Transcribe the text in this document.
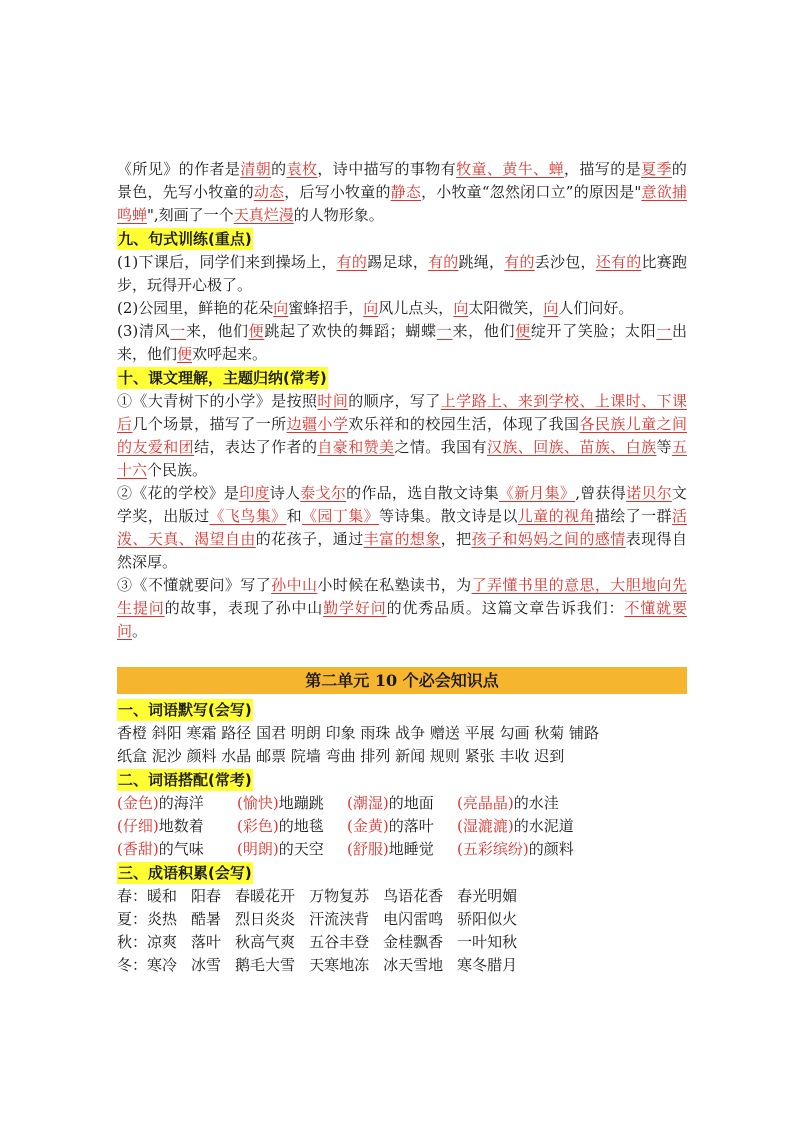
《所见》的作者是清朝的袁枚，诗中描写的事物有牧童、黄牛、蝉，描写的是夏季的景色，先写小牧童的动态，后写小牧童的静态，小牧童“忽然闭口立”的原因是"意欲捕鸣蝉",刻画了一个天真烂漫的人物形象。

九、句式训练(重点)

(1)下课后，同学们来到操场上，有的踢足球，有的跳绳，有的丢沙包，还有的比赛跑步，玩得开心极了。

(2)公园里，鲜艳的花朵向蜜蜂招手，向风儿点头，向太阳微笑，向人们问好。

(3)清风一来，他们便跳起了欢快的舞蹈；蝴蝶一来，他们便绽开了笑脸；太阳一出来，他们便欢呼起来。

十、课文理解，主题归纳(常考)

①《大青树下的小学》是按照时间的顺序，写了上学路上、来到学校、上课时、下课后几个场景，描写了一所边疆小学欢乐祥和的校园生活，体现了我国各民族儿童之间的友爱和团结，表达了作者的自豪和赞美之情。我国有汉族、回族、苗族、白族等五十六个民族。

②《花的学校》是印度诗人泰戈尔的作品，选自散文诗集《新月集》,曾获得诺贝尔文学奖，出版过《飞鸟集》和《园丁集》等诗集。散文诗是以儿童的视角描绘了一群活泼、天真、渴望自由的花孩子，通过丰富的想象，把孩子和妈妈之间的感情表现得自然深厚。

③《不懂就要问》写了孙中山小时候在私塾读书，为了弄懂书里的意思，大胆地向先生提问的故事，表现了孙中山勤学好问的优秀品质。这篇文章告诉我们：不懂就要问。

第二单元 10 个必会知识点
一、词语默写(会写)

香橙 斜阳 寒霜 路径 国君 明朗 印象 雨珠 战争 赠送 平展 勾画 秋菊 铺路

纸盒 泥沙 颜料 水晶 邮票 院墙 弯曲 排列 新闻 规则 紧张 丰收 迟到

二、词语搭配(常考)
(金色)的海洋	(愉快)地蹦跳	(潮湿)的地面	(亮晶晶)的水洼
(仔细)地数着	(彩色)的地毯	(金黄)的落叶	(湿漉漉)的水泥道
(香甜)的气味	(明朗)的天空	(舒服)地睡觉	(五彩缤纷)的颜料
三、成语积累(会写)
春：暖和 阳春 春暖花开 万物复苏 鸟语花香 春光明媚
夏：炎热 酷暑 烈日炎炎 汗流浃背 电闪雷鸣 骄阳似火
秋：凉爽 落叶 秋高气爽 五谷丰登 金桂飘香 一叶知秋
冬：寒冷 冰雪 鹅毛大雪 天寒地冻 冰天雪地 寒冬腊月
